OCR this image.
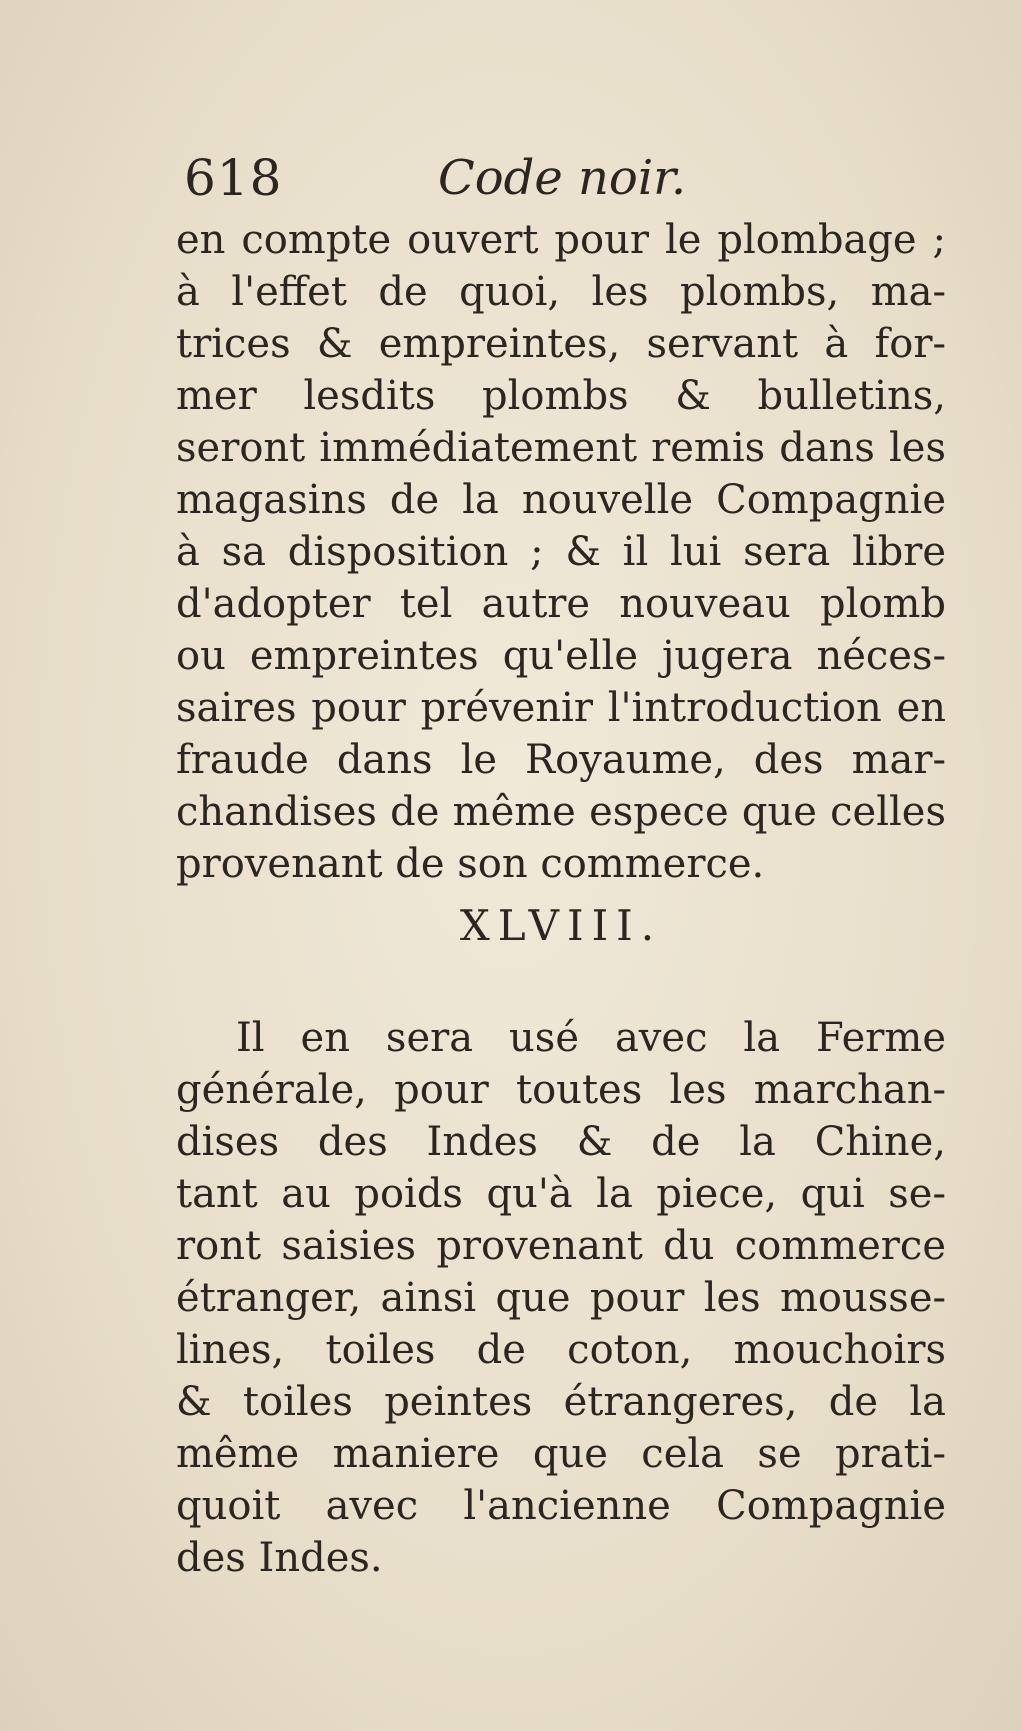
618	Code noir.
en compte ouvert pour le plombage ;
à l'effet de quoi, les plombs, ma-
trices & empreintes, servant à for-
mer lesdits plombs & bulletins,
seront immédiatement remis dans les
magasins de la nouvelle Compagnie
à sa disposition ; & il lui sera libre
d'adopter tel autre nouveau plomb
ou empreintes qu'elle jugera néces-
saires pour prévenir l'introduction en
fraude dans le Royaume, des mar-
chandises de même espece que celles
provenant de son commerce.
XLVIII.
Il en sera usé avec la Ferme
générale, pour toutes les marchan-
dises des Indes & de la Chine,
tant au poids qu'à la piece, qui se-
ront saisies provenant du commerce
étranger, ainsi que pour les mousse-
lines, toiles de coton, mouchoirs
& toiles peintes étrangeres, de la
même maniere que cela se prati-
quoit avec l'ancienne Compagnie
des Indes.
